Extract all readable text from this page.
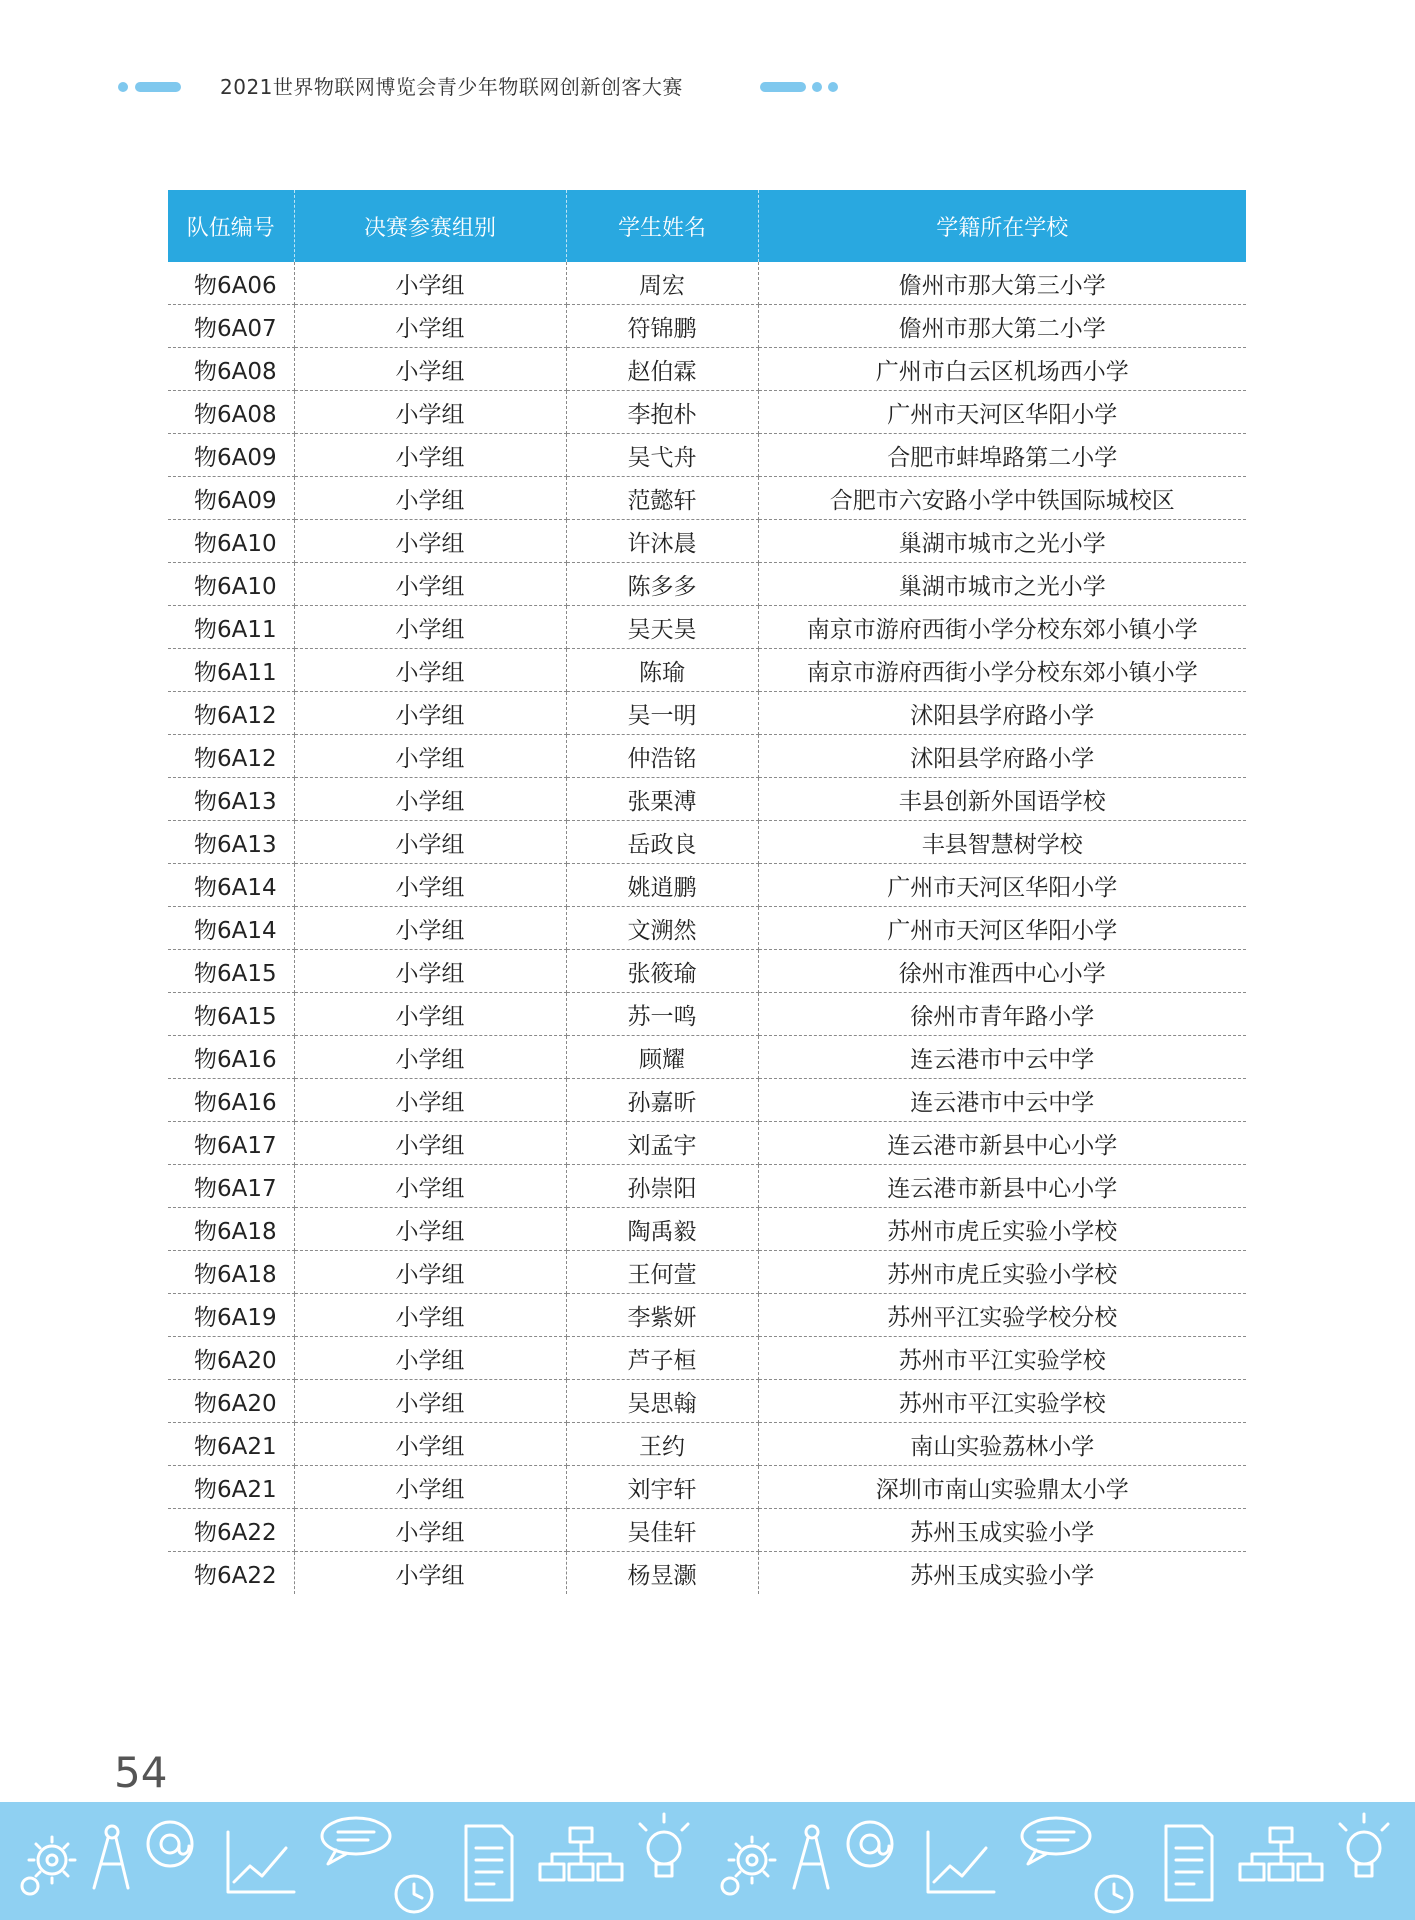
2021世界物联网博览会青少年物联网创新创客大赛
队伍编号	决赛参赛组别	学生姓名	学籍所在学校
物6A06	小学组	周宏	儋州市那大第三小学
物6A07	小学组	符锦鹏	儋州市那大第二小学
物6A08	小学组	赵伯霖	广州市白云区机场西小学
物6A08	小学组	李抱朴	广州市天河区华阳小学
物6A09	小学组	吴弋舟	合肥市蚌埠路第二小学
物6A09	小学组	范懿轩	合肥市六安路小学中铁国际城校区
物6A10	小学组	许沐晨	巢湖市城市之光小学
物6A10	小学组	陈多多	巢湖市城市之光小学
物6A11	小学组	吴天昊	南京市游府西街小学分校东郊小镇小学
物6A11	小学组	陈瑜	南京市游府西街小学分校东郊小镇小学
物6A12	小学组	吴一明	沭阳县学府路小学
物6A12	小学组	仲浩铭	沭阳县学府路小学
物6A13	小学组	张栗溥	丰县创新外国语学校
物6A13	小学组	岳政良	丰县智慧树学校
物6A14	小学组	姚逍鹏	广州市天河区华阳小学
物6A14	小学组	文溯然	广州市天河区华阳小学
物6A15	小学组	张筱瑜	徐州市淮西中心小学
物6A15	小学组	苏一鸣	徐州市青年路小学
物6A16	小学组	顾耀	连云港市中云中学
物6A16	小学组	孙嘉昕	连云港市中云中学
物6A17	小学组	刘孟宇	连云港市新县中心小学
物6A17	小学组	孙崇阳	连云港市新县中心小学
物6A18	小学组	陶禹毅	苏州市虎丘实验小学校
物6A18	小学组	王何萱	苏州市虎丘实验小学校
物6A19	小学组	李紫妍	苏州平江实验学校分校
物6A20	小学组	芦子桓	苏州市平江实验学校
物6A20	小学组	吴思翰	苏州市平江实验学校
物6A21	小学组	王约	南山实验荔林小学
物6A21	小学组	刘宇轩	深圳市南山实验鼎太小学
物6A22	小学组	吴佳轩	苏州玉成实验小学
物6A22	小学组	杨昱灏	苏州玉成实验小学
54
